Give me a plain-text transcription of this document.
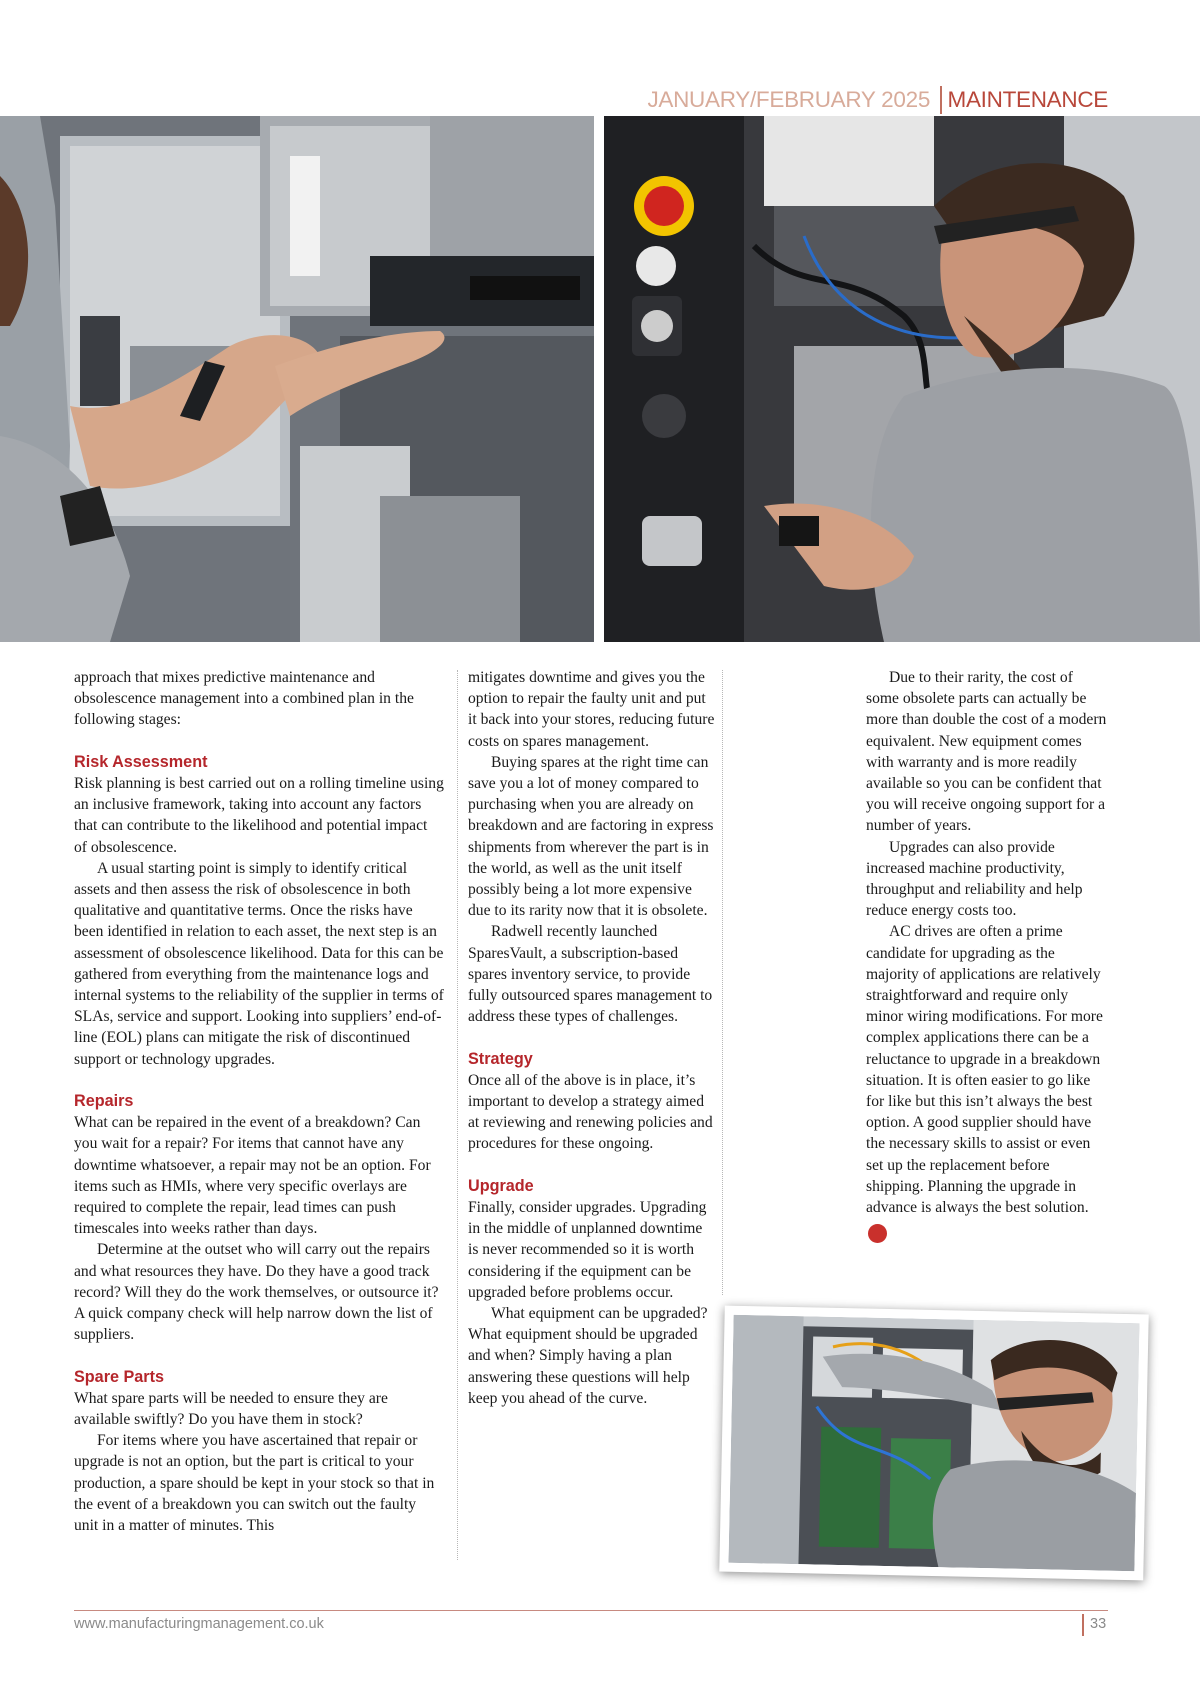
JANUARY/FEBRUARY 2025 MAINTENANCE

approach that mixes predictive maintenance and obsolescence management into a combined plan in the following stages:

Risk Assessment

Risk planning is best carried out on a rolling timeline using an inclusive framework, taking into account any factors that can contribute to the likelihood and potential impact of obsolescence.

A usual starting point is simply to identify critical assets and then assess the risk of obsolescence in both qualitative and quantitative terms. Once the risks have been identified in relation to each asset, the next step is an assessment of obsolescence likelihood. Data for this can be gathered from everything from the maintenance logs and internal systems to the reliability of the supplier in terms of SLAs, service and support. Looking into suppliers’ end-of-line (EOL) plans can mitigate the risk of discontinued support or technology upgrades.

Repairs

What can be repaired in the event of a breakdown? Can you wait for a repair? For items that cannot have any downtime whatsoever, a repair may not be an option. For items such as HMIs, where very specific overlays are required to complete the repair, lead times can push timescales into weeks rather than days.

Determine at the outset who will carry out the repairs and what resources they have. Do they have a good track record? Will they do the work themselves, or outsource it? A quick company check will help narrow down the list of suppliers.

Spare Parts

What spare parts will be needed to ensure they are available swiftly? Do you have them in stock?

For items where you have ascertained that repair or upgrade is not an option, but the part is critical to your production, a spare should be kept in your stock so that in the event of a breakdown you can switch out the faulty unit in a matter of minutes. This

mitigates downtime and gives you the option to repair the faulty unit and put it back into your stores, reducing future costs on spares management.

Buying spares at the right time can save you a lot of money compared to purchasing when you are already on breakdown and are factoring in express shipments from wherever the part is in the world, as well as the unit itself possibly being a lot more expensive due to its rarity now that it is obsolete.

Radwell recently launched SparesVault, a subscription-based spares inventory service, to provide fully outsourced spares management to address these types of challenges.

Strategy

Once all of the above is in place, it’s important to develop a strategy aimed at reviewing and renewing policies and procedures for these ongoing.

Upgrade

Finally, consider upgrades. Upgrading in the middle of unplanned downtime is never recommended so it is worth considering if the equipment can be upgraded before problems occur.

What equipment can be upgraded? What equipment should be upgraded and when? Simply having a plan answering these questions will help keep you ahead of the curve.

Due to their rarity, the cost of some obsolete parts can actually be more than double the cost of a modern equivalent. New equipment comes with warranty and is more readily available so you can be confident that you will receive ongoing support for a number of years.

Upgrades can also provide increased machine productivity, throughput and reliability and help reduce energy costs too.

AC drives are often a prime candidate for upgrading as the majority of applications are relatively straightforward and require only minor wiring modifications. For more complex applications there can be a reluctance to upgrade in a breakdown situation. It is often easier to go like for like but this isn’t always the best option. A good supplier should have the necessary skills to assist or even set up the replacement before shipping. Planning the upgrade in advance is always the best solution. M

www.manufacturingmanagement.co.uk	33
